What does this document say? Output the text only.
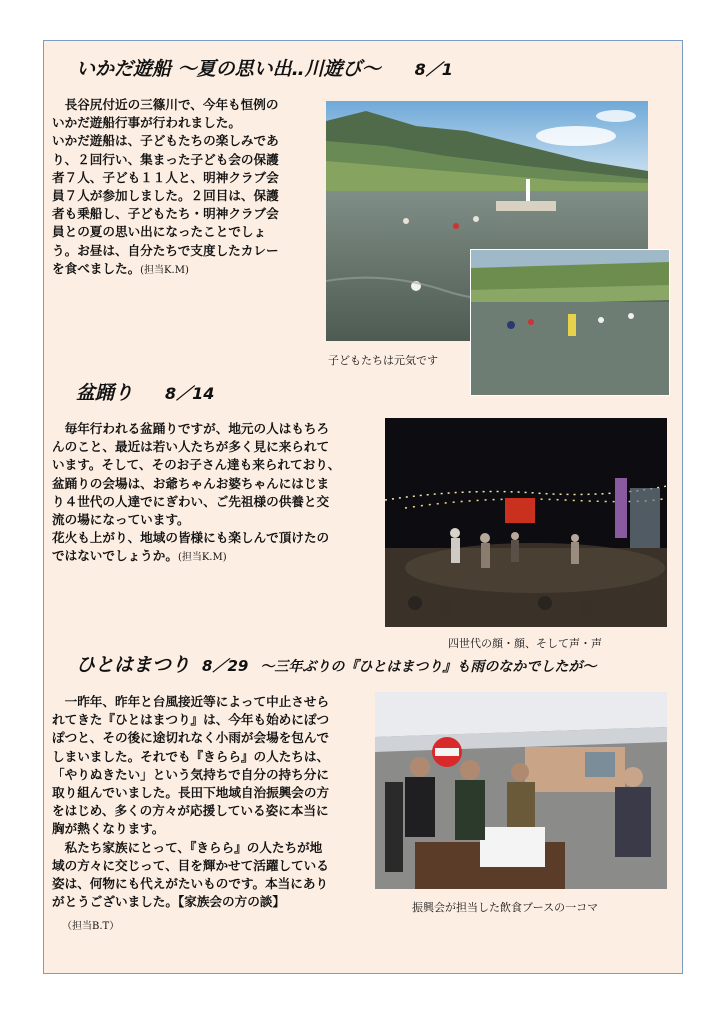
いかだ遊船 ～夏の思い出‥川遊び～ 8／1

　長谷尻付近の三篠川で、今年も恒例の
いかだ遊船行事が行われました。
いかだ遊船は、子どもたちの楽しみであ
り、２回行い、集まった子ども会の保護
者７人、子ども１１人と、明神クラブ会
員７人が参加しました。２回目は、保護
者も乗船し、子どもたち・明神クラブ会
員との夏の思い出になったことでしょ
う。お昼は、自分たちで支度したカレー
を食べました。(担当K.M)

子どもたちは元気です

盆踊り 8／14

　毎年行われる盆踊りですが、地元の人はもちろ
んのこと、最近は若い人たちが多く見に来られて
います。そして、そのお子さん達も来られており、
盆踊りの会場は、お爺ちゃんお婆ちゃんにはじま
り４世代の人達でにぎわい、ご先祖様の供養と交
流の場になっています。
花火も上がり、地域の皆様にも楽しんで頂けたの
ではないでしょうか。(担当K.M)

四世代の顔・顔、そして声・声

ひとはまつり 8／29 ～三年ぶりの『ひとはまつり』も雨のなかでしたが～

　一昨年、昨年と台風接近等によって中止させら
れてきた『ひとはまつり』は、今年も始めにぽつ
ぽつと、その後に途切れなく小雨が会場を包んで
しまいました。それでも『きらら』の人たちは、
「やりぬきたい」という気持ちで自分の持ち分に
取り組んでいました。長田下地域自治振興会の方
をはじめ、多くの方々が応援している姿に本当に
胸が熱くなります。
　私たち家族にとって、『きらら』の人たちが地
域の方々に交じって、目を輝かせて活躍している
姿は、何物にも代えがたいものです。本当にあり
がとうございました。【家族会の方の談】

（担当B.T）

振興会が担当した飲食ブースの一コマ
